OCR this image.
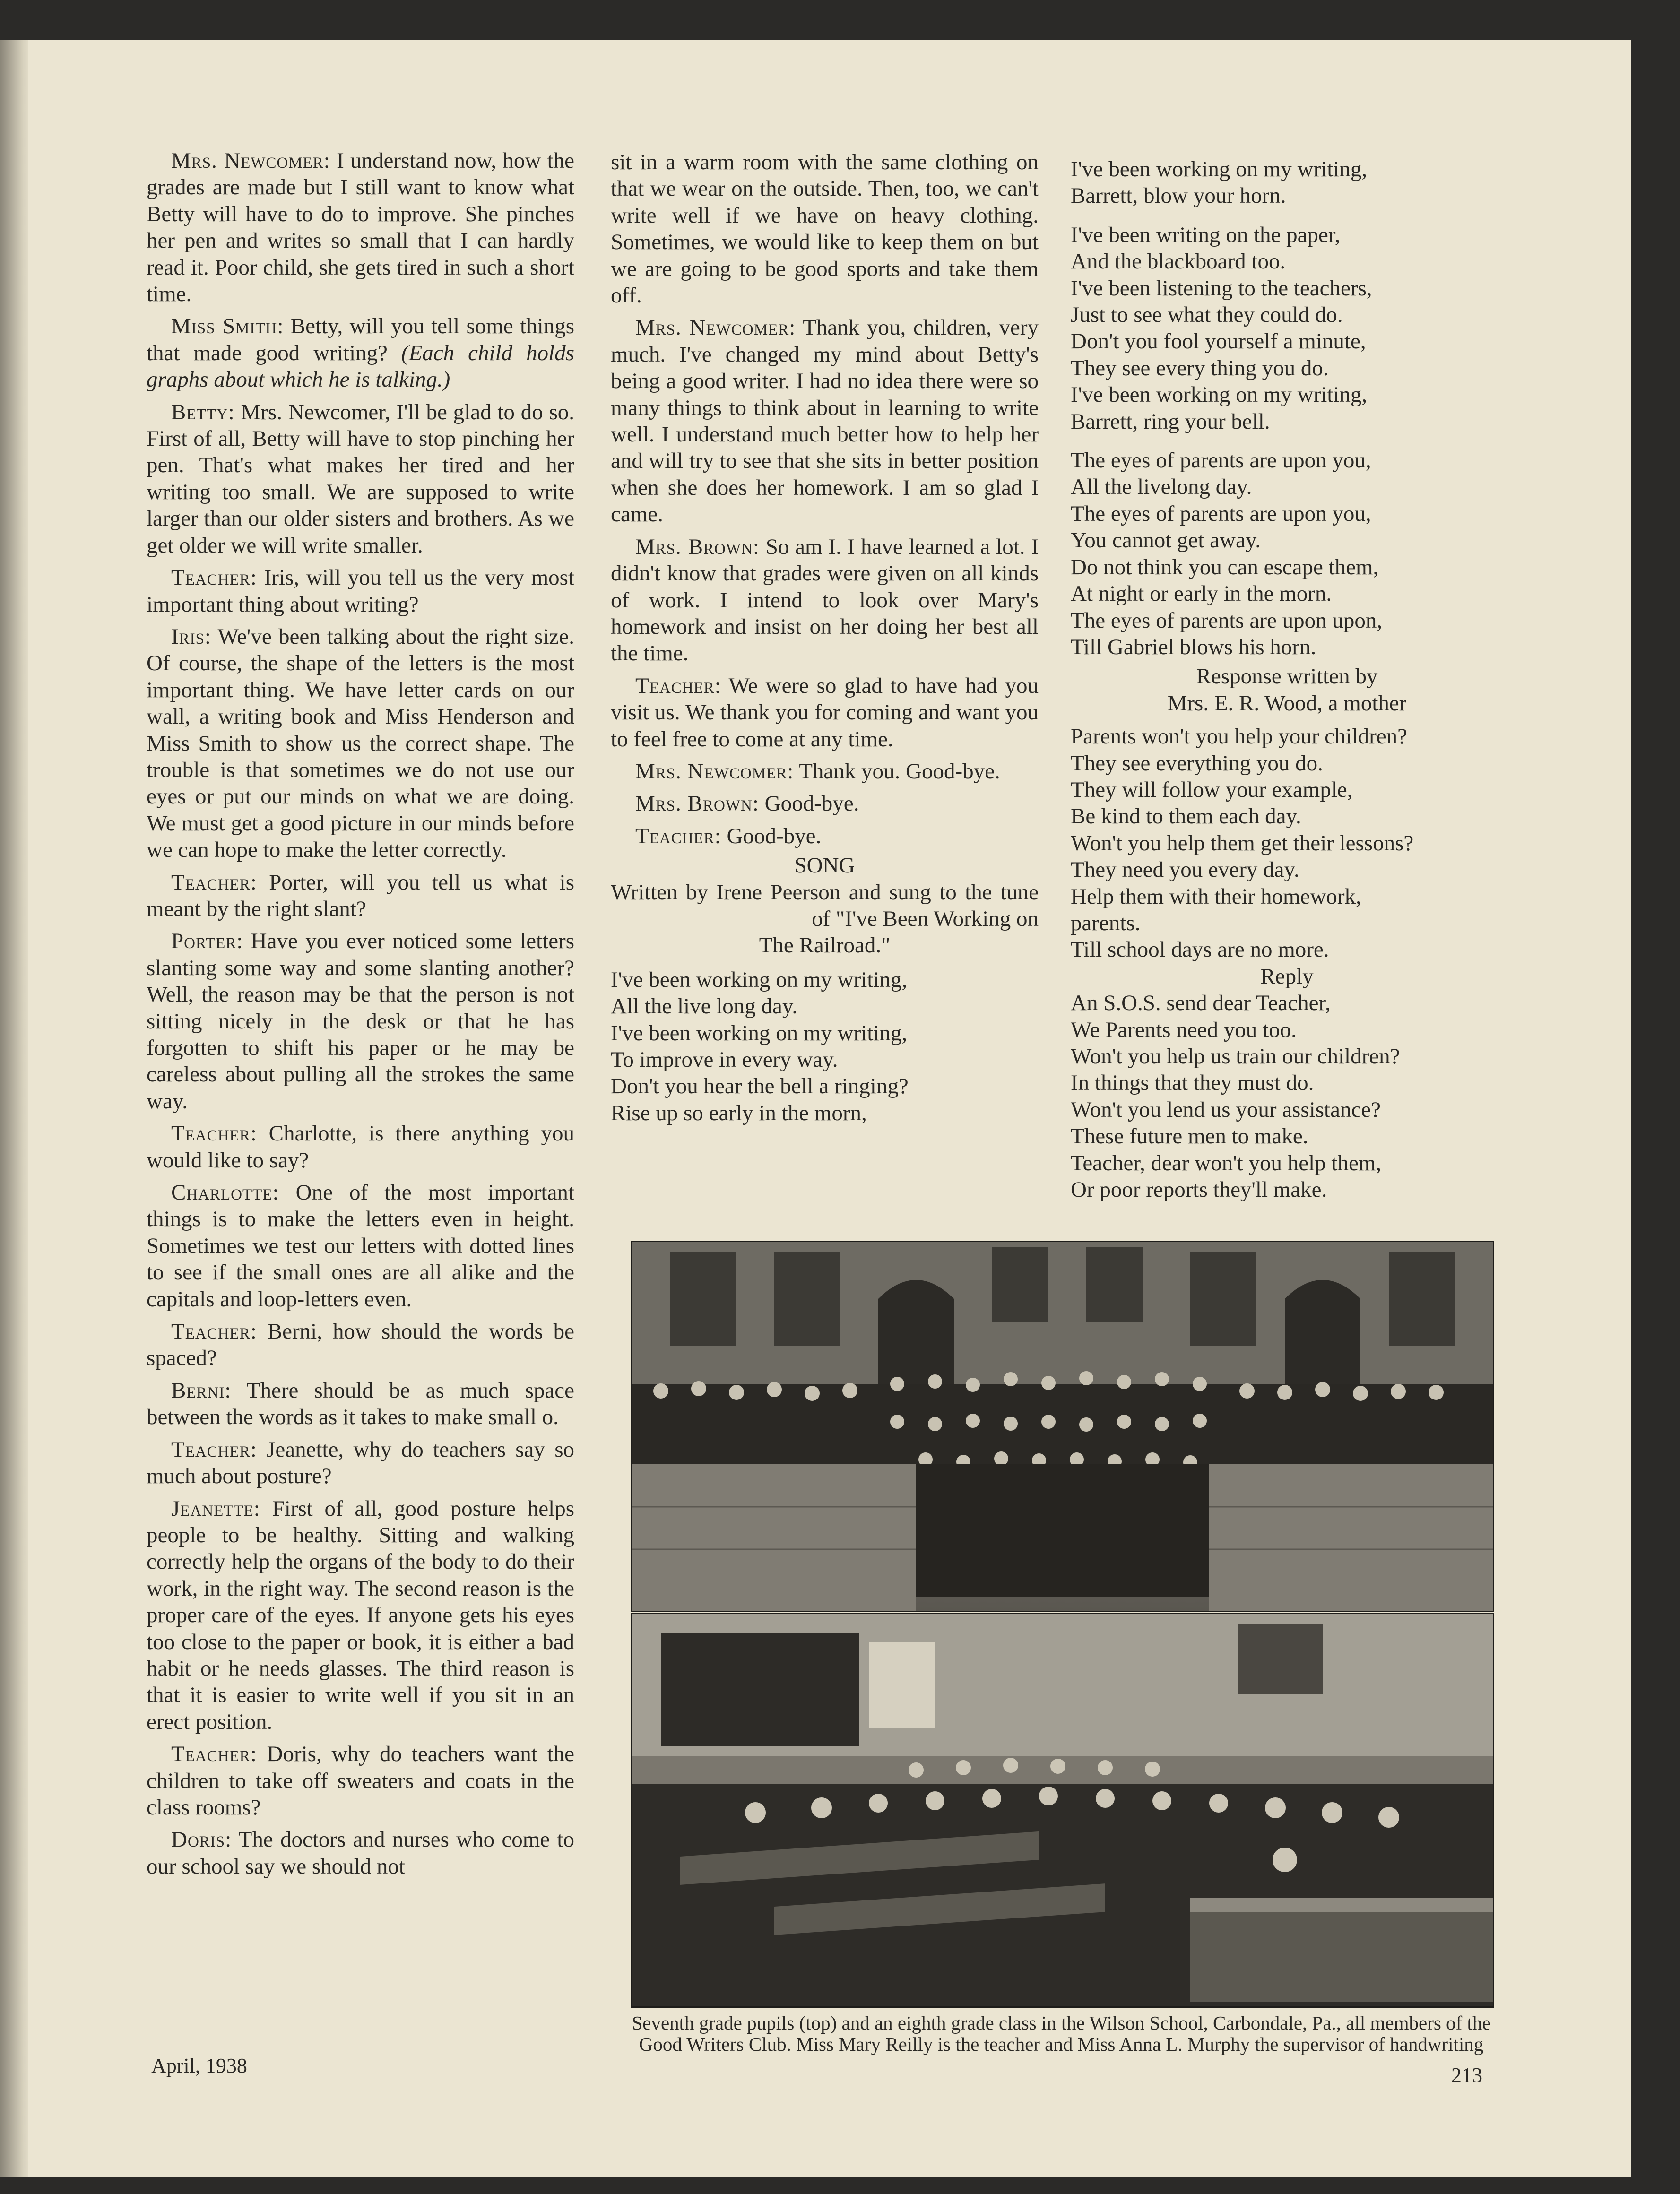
Mrs. Newcomer: I understand now, how the grades are made but I still want to know what Betty will have to do to improve. She pinches her pen and writes so small that I can hardly read it. Poor child, she gets tired in such a short time.

Miss Smith: Betty, will you tell some things that made good writing? (Each child holds graphs about which he is talking.)

Betty: Mrs. Newcomer, I'll be glad to do so. First of all, Betty will have to stop pinching her pen. That's what makes her tired and her writing too small. We are supposed to write larger than our older sisters and brothers. As we get older we will write smaller.

Teacher: Iris, will you tell us the very most important thing about writing?

Iris: We've been talking about the right size. Of course, the shape of the letters is the most important thing. We have letter cards on our wall, a writing book and Miss Henderson and Miss Smith to show us the correct shape. The trouble is that sometimes we do not use our eyes or put our minds on what we are doing. We must get a good picture in our minds before we can hope to make the letter correctly.

Teacher: Porter, will you tell us what is meant by the right slant?

Porter: Have you ever noticed some letters slanting some way and some slanting another? Well, the reason may be that the person is not sitting nicely in the desk or that he has forgotten to shift his paper or he may be careless about pulling all the strokes the same way.

Teacher: Charlotte, is there anything you would like to say?

Charlotte: One of the most important things is to make the letters even in height. Sometimes we test our letters with dotted lines to see if the small ones are all alike and the capitals and loop-letters even.

Teacher: Berni, how should the words be spaced?

Berni: There should be as much space between the words as it takes to make small o.

Teacher: Jeanette, why do teachers say so much about posture?

Jeanette: First of all, good posture helps people to be healthy. Sitting and walking correctly help the organs of the body to do their work, in the right way. The second reason is the proper care of the eyes. If anyone gets his eyes too close to the paper or book, it is either a bad habit or he needs glasses. The third reason is that it is easier to write well if you sit in an erect position.

Teacher: Doris, why do teachers want the children to take off sweaters and coats in the class rooms?

Doris: The doctors and nurses who come to our school say we should not

sit in a warm room with the same clothing on that we wear on the outside. Then, too, we can't write well if we have on heavy clothing. Sometimes, we would like to keep them on but we are going to be good sports and take them off.

Mrs. Newcomer: Thank you, children, very much. I've changed my mind about Betty's being a good writer. I had no idea there were so many things to think about in learning to write well. I understand much better how to help her and will try to see that she sits in better position when she does her homework. I am so glad I came.

Mrs. Brown: So am I. I have learned a lot. I didn't know that grades were given on all kinds of work. I intend to look over Mary's homework and insist on her doing her best all the time.

Teacher: We were so glad to have had you visit us. We thank you for coming and want you to feel free to come at any time.

Mrs. Newcomer: Thank you. Good-bye.

Mrs. Brown: Good-bye.

Teacher: Good-bye.

SONG
Written by Irene Peerson and sung to the tune of "I've Been Working on
The Railroad."
I've been working on my writing,
All the live long day.
I've been working on my writing,
To improve in every way.
Don't you hear the bell a ringing?
Rise up so early in the morn,
I've been working on my writing,
Barrett, blow your horn.
I've been writing on the paper,
And the blackboard too.
I've been listening to the teachers,
Just to see what they could do.
Don't you fool yourself a minute,
They see every thing you do.
I've been working on my writing,
Barrett, ring your bell.
The eyes of parents are upon you,
All the livelong day.
The eyes of parents are upon you,
You cannot get away.
Do not think you can escape them,
At night or early in the morn.
The eyes of parents are upon upon,
Till Gabriel blows his horn.
Response written by
Mrs. E. R. Wood, a mother
Parents won't you help your children?
They see everything you do.
They will follow your example,
Be kind to them each day.
Won't you help them get their lessons?
They need you every day.
Help them with their homework,
parents.
Till school days are no more.
Reply
An S.O.S. send dear Teacher,
We Parents need you too.
Won't you help us train our children?
In things that they must do.
Won't you lend us your assistance?
These future men to make.
Teacher, dear won't you help them,
Or poor reports they'll make.
Seventh grade pupils (top) and an eighth grade class in the Wilson School, Carbondale, Pa., all members of the Good Writers Club. Miss Mary Reilly is the teacher and Miss Anna L. Murphy the supervisor of handwriting
April, 1938	213
